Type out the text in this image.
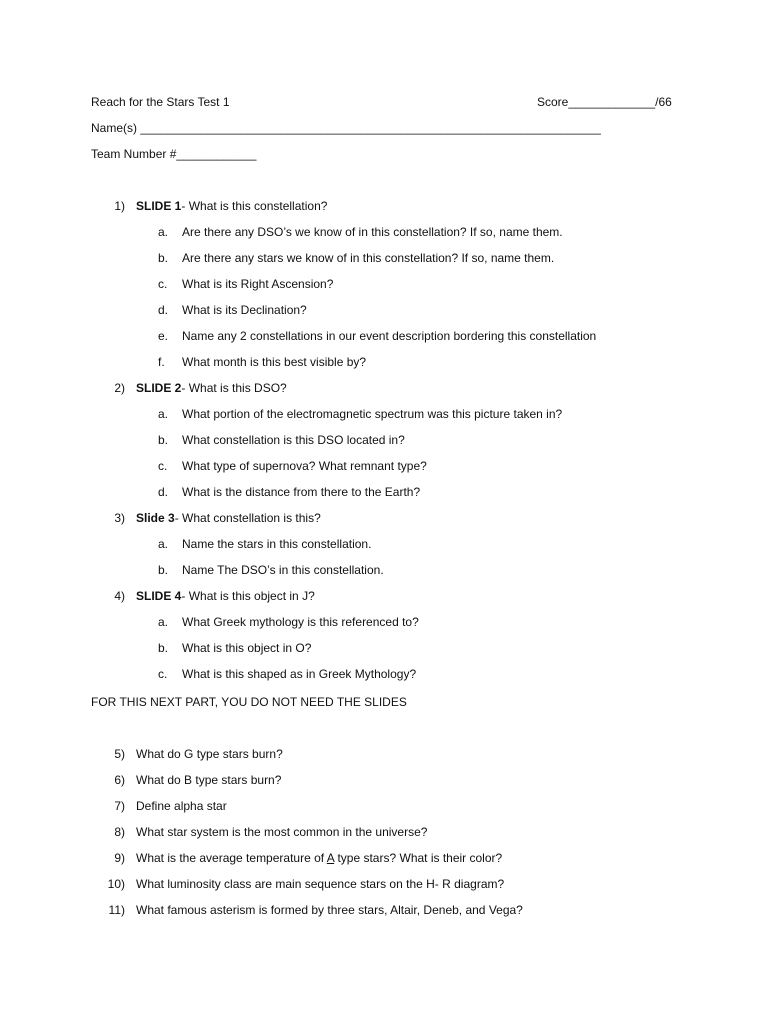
Reach for the Stars Test 1	Score_____________/66
Name(s) _____________________________________________________________________
Team Number #____________
1) SLIDE 1- What is this constellation?
a.	Are there any DSO’s we know of in this constellation? If so, name them.
b.	Are there any stars we know of in this constellation? If so, name them.
c.	What is its Right Ascension?
d.	What is its Declination?
e.	Name any 2 constellations in our event description bordering this constellation
f.	What month is this best visible by?
2) SLIDE 2- What is this DSO?
a.	What portion of the electromagnetic spectrum was this picture taken in?
b.	What constellation is this DSO located in?
c.	What type of supernova? What remnant type?
d.	What is the distance from there to the Earth?
3) Slide 3- What constellation is this?
a.	Name the stars in this constellation.
b.	Name The DSO’s in this constellation.
4) SLIDE 4- What is this object in J?
a.	What Greek mythology is this referenced to?
b.	What is this object in O?
c.	What is this shaped as in Greek Mythology?
FOR THIS NEXT PART, YOU DO NOT NEED THE SLIDES
5) What do G type stars burn?
6) What do B type stars burn?
7) Define alpha star
8) What star system is the most common in the universe?
9) What is the average temperature of A type stars? What is their color?
10) What luminosity class are main sequence stars on the H- R diagram?
11) What famous asterism is formed by three stars, Altair, Deneb, and Vega?
